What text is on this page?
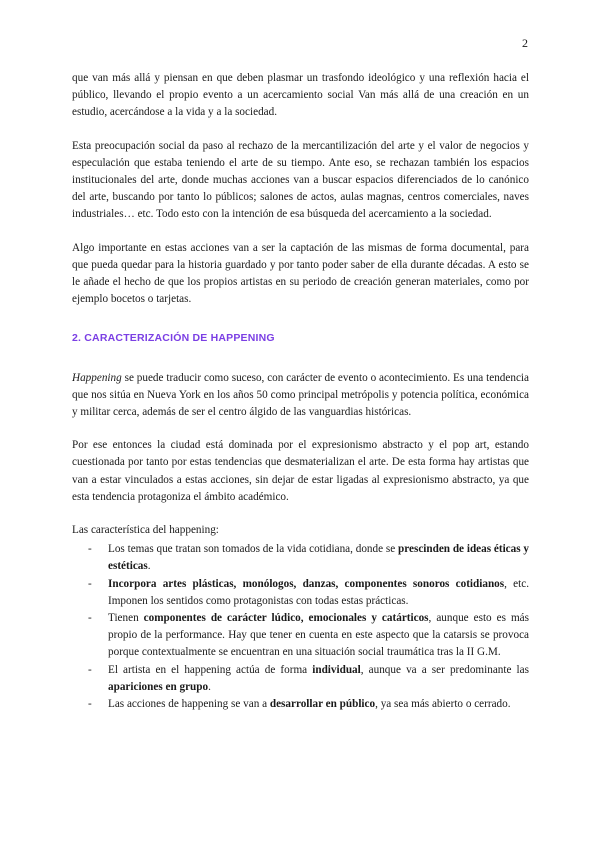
2

que van más allá y piensan en que deben plasmar un trasfondo ideológico y una reflexión hacia el público, llevando el propio evento a un acercamiento social Van más allá de una creación en un estudio, acercándose a la vida y a la sociedad.

Esta preocupación social da paso al rechazo de la mercantilización del arte y el valor de negocios y especulación que estaba teniendo el arte de su tiempo. Ante eso, se rechazan también los espacios institucionales del arte, donde muchas acciones van a buscar espacios diferenciados de lo canónico del arte, buscando por tanto lo públicos; salones de actos, aulas magnas, centros comerciales, naves industriales… etc. Todo esto con la intención de esa búsqueda del acercamiento a la sociedad.

Algo importante en estas acciones van a ser la captación de las mismas de forma documental, para que pueda quedar para la historia guardado y por tanto poder saber de ella durante décadas. A esto se le añade el hecho de que los propios artistas en su periodo de creación generan materiales, como por ejemplo bocetos o tarjetas.

2. CARACTERIZACIÓN DE HAPPENING

Happening se puede traducir como suceso, con carácter de evento o acontecimiento. Es una tendencia que nos sitúa en Nueva York en los años 50 como principal metrópolis y potencia política, económica y militar cerca, además de ser el centro álgido de las vanguardias históricas.

Por ese entonces la ciudad está dominada por el expresionismo abstracto y el pop art, estando cuestionada por tanto por estas tendencias que desmaterializan el arte. De esta forma hay artistas que van a estar vinculados a estas acciones, sin dejar de estar ligadas al expresionismo abstracto, ya que esta tendencia protagoniza el ámbito académico.

Las característica del happening:
- Los temas que tratan son tomados de la vida cotidiana, donde se prescinden de ideas éticas y estéticas.
- Incorpora artes plásticas, monólogos, danzas, componentes sonoros cotidianos, etc. Imponen los sentidos como protagonistas con todas estas prácticas.
- Tienen componentes de carácter lúdico, emocionales y catárticos, aunque esto es más propio de la performance. Hay que tener en cuenta en este aspecto que la catarsis se provoca porque contextualmente se encuentran en una situación social traumática tras la II G.M.
- El artista en el happening actúa de forma individual, aunque va a ser predominante las apariciones en grupo.
- Las acciones de happening se van a desarrollar en público, ya sea más abierto o cerrado.
